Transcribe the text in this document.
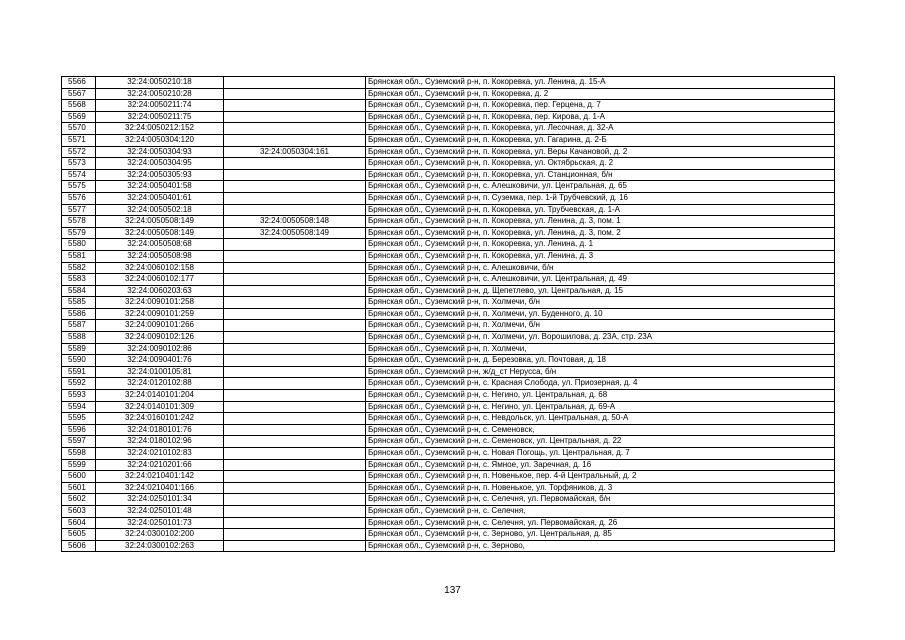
5566	32:24:0050210:18		Брянская обл., Суземский р-н, п. Кокоревка, ул. Ленина, д. 15-А
5567	32:24:0050210:28		Брянская обл., Суземский р-н, п. Кокоревка, д. 2
5568	32:24:0050211:74		Брянская обл., Суземский р-н, п. Кокоревка, пер. Герцена, д. 7
5569	32:24:0050211:75		Брянская обл., Суземский р-н, п. Кокоревка, пер. Кирова, д. 1-А
5570	32:24:0050212:152		Брянская обл., Суземский р-н, п. Кокоревка, ул. Лесочная, д. 32-А
5571	32:24:0050304:120		Брянская обл., Суземский р-н, п. Кокоревка, ул. Гагарина, д. 2-Б
5572	32:24:0050304:93	32:24:0050304:161	Брянская обл., Суземский р-н, п. Кокоревка, ул. Веры Качановой, д. 2
5573	32:24:0050304:95		Брянская обл., Суземский р-н, п. Кокоревка, ул. Октябрьская, д. 2
5574	32:24:0050305:93		Брянская обл., Суземский р-н, п. Кокоревка, ул. Станционная, б/н
5575	32:24:0050401:58		Брянская обл., Суземский р-н, с. Алешковичи, ул. Центральная, д. 65
5576	32:24:0050401:61		Брянская обл., Суземский р-н, п. Суземка, пер. 1-й Трубчевский, д. 16
5577	32:24:0050502:18		Брянская обл., Суземский р-н, п. Кокоревка, ул. Трубчевская, д. 1-А
5578	32:24:0050508:149	32:24:0050508:148	Брянская обл., Суземский р-н, п. Кокоревка, ул. Ленина, д. 3, пом. 1
5579	32:24:0050508:149	32:24:0050508:149	Брянская обл., Суземский р-н, п. Кокоревка, ул. Ленина, д. 3, пом. 2
5580	32:24:0050508:68		Брянская обл., Суземский р-н, п. Кокоревка, ул. Ленина, д. 1
5581	32:24:0050508:98		Брянская обл., Суземский р-н, п. Кокоревка, ул. Ленина, д. 3
5582	32:24:0060102:158		Брянская обл., Суземский р-н, с. Алешковичи, б/н
5583	32:24:0060102:177		Брянская обл., Суземский р-н, с. Алешковичи, ул. Центральная, д. 49
5584	32:24:0060203:63		Брянская обл., Суземский р-н, д. Щепетлево, ул. Центральная, д. 15
5585	32:24:0090101:258		Брянская обл., Суземский р-н, п. Холмечи, б/н
5586	32:24:0090101:259		Брянская обл., Суземский р-н, п. Холмечи, ул. Буденного, д. 10
5587	32:24:0090101:266		Брянская обл., Суземский р-н, п. Холмечи, б/н
5588	32:24:0090102:126		Брянская обл., Суземский р-н, п. Холмечи, ул. Ворошилова, д. 23А, стр. 23А
5589	32:24:0090102:86		Брянская обл., Суземский р-н, п. Холмечи,
5590	32:24:0090401:76		Брянская обл., Суземский р-н, д. Березовка, ул. Почтовая, д. 18
5591	32:24:0100105:81		Брянская обл., Суземский р-н, ж/д_ст Неруссa, б/н
5592	32:24:0120102:88		Брянская обл., Суземский р-н, с. Красная Слобода, ул. Приозерная, д. 4
5593	32:24:0140101:204		Брянская обл., Суземский р-н, с. Негино, ул. Центральная, д. 68
5594	32:24:0140101:309		Брянская обл., Суземский р-н, с. Негино, ул. Центральная, д. 69-А
5595	32:24:0160101:242		Брянская обл., Суземский р-н, с. Невдольск, ул. Центральная, д. 50-А
5596	32:24:0180101:76		Брянская обл., Суземский р-н, с. Семеновск,
5597	32:24:0180102:96		Брянская обл., Суземский р-н, с. Семеновск, ул. Центральная, д. 22
5598	32:24:0210102:83		Брянская обл., Суземский р-н, с. Новая Погощь, ул. Центральная, д. 7
5599	32:24:0210201:66		Брянская обл., Суземский р-н, с. Ямное, ул. Заречная, д. 16
5600	32:24:0210401:142		Брянская обл., Суземский р-н, п. Новенькое, пер. 4-й Центральный, д. 2
5601	32:24:0210401:166		Брянская обл., Суземский р-н, п. Новенькое, ул. Торфяников, д. 3
5602	32:24:0250101:34		Брянская обл., Суземский р-н, с. Селечня, ул. Первомайская, б/н
5603	32:24:0250101:48		Брянская обл., Суземский р-н, с. Селечня,
5604	32:24:0250101:73		Брянская обл., Суземский р-н, с. Селечня, ул. Первомайская, д. 26
5605	32:24:0300102:200		Брянская обл., Суземский р-н, с. Зерново, ул. Центральная, д. 85
5606	32:24:0300102:263		Брянская обл., Суземский р-н, с. Зерново,
137
